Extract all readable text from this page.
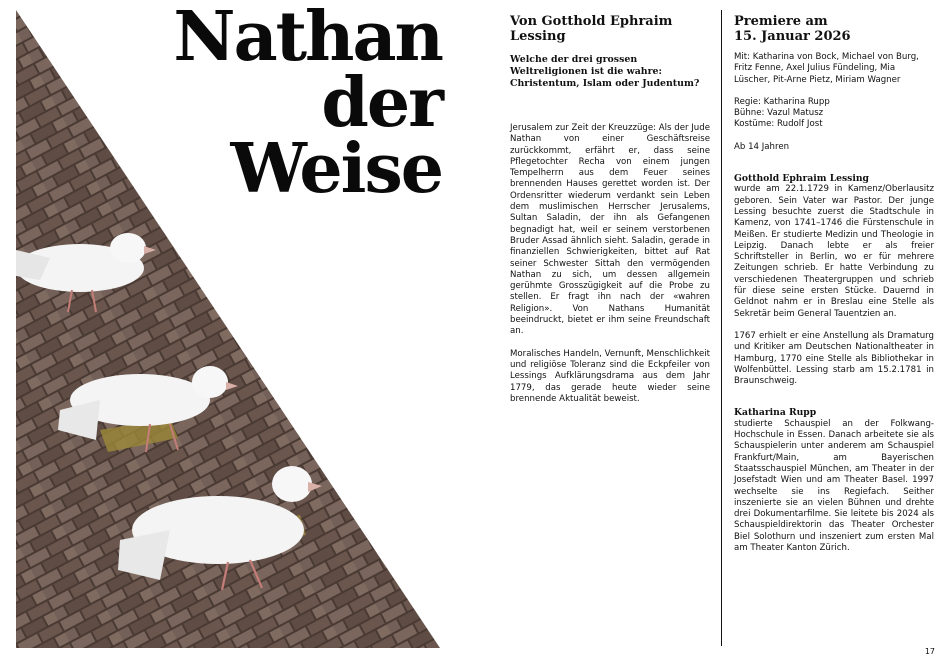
Nathan
der Weise

Von Gotthold Ephraim Lessing

Welche der drei grossen Weltreligionen ist die wahre: Christentum, Islam oder Judentum?

Jerusalem zur Zeit der Kreuzzüge: Als der Jude Nathan von einer Geschäftsreise zurückkommt, erfährt er, dass seine Pflegetochter Recha von einem jungen Tempelherrn aus dem Feuer seines brennenden Hauses gerettet worden ist. Der Ordensritter wiederum verdankt sein Leben dem muslimischen Herrscher Jerusalems, Sultan Saladin, der ihn als Gefangenen begnadigt hat, weil er seinem verstorbenen Bruder Assad ähnlich sieht. Saladin, gerade in finanziellen Schwierigkeiten, bittet auf Rat seiner Schwester Sittah den vermögenden Nathan zu sich, um dessen allgemein gerühmte Grosszügigkeit auf die Probe zu stellen. Er fragt ihn nach der «wahren Religion». Von Nathans Humanität beeindruckt, bietet er ihm seine Freundschaft an.

Moralisches Handeln, Vernunft, Menschlichkeit und religiöse Toleranz sind die Eckpfeiler von Lessings Aufklärungsdrama aus dem Jahr 1779, das gerade heute wieder seine brennende Aktualität beweist.

Premiere am
15. Januar 2026

Mit: Katharina von Bock, Michael von Burg, Fritz Fenne, Axel Julius Fündeling, Mia Lüscher, Pit-Arne Pietz, Miriam Wagner

Regie: Katharina Rupp
Bühne: Vazul Matusz
Kostüme: Rudolf Jost

Ab 14 Jahren

Gotthold Ephraim Lessing

wurde am 22.1.1729 in Kamenz/Oberlausitz geboren. Sein Vater war Pastor. Der junge Lessing besuchte zuerst die Stadtschule in Kamenz, von 1741–1746 die Fürstenschule in Meißen. Er studierte Medizin und Theologie in Leipzig. Danach lebte er als freier Schriftsteller in Berlin, wo er für mehrere Zeitungen schrieb. Er hatte Verbindung zu verschiedenen Theatergruppen und schrieb für diese seine ersten Stücke. Dauernd in Geldnot nahm er in Breslau eine Stelle als Sekretär beim General Tauentzien an.

1767 erhielt er eine Anstellung als Dramaturg und Kritiker am Deutschen Nationaltheater in Hamburg, 1770 eine Stelle als Bibliothekar in Wolfenbüttel. Lessing starb am 15.2.1781 in Braunschweig.

Katharina Rupp

studierte Schauspiel an der Folkwang-Hochschule in Essen. Danach arbeitete sie als Schauspielerin unter anderem am Schauspiel Frankfurt/Main, am Bayerischen Staatsschauspiel München, am Theater in der Josefstadt Wien und am Theater Basel. 1997 wechselte sie ins Regiefach. Seither inszenierte sie an vielen Bühnen und drehte drei Dokumentarfilme. Sie leitete bis 2024 als Schauspieldirektorin das Theater Orchester Biel Solothurn und inszeniert zum ersten Mal am Theater Kanton Zürich.

17
